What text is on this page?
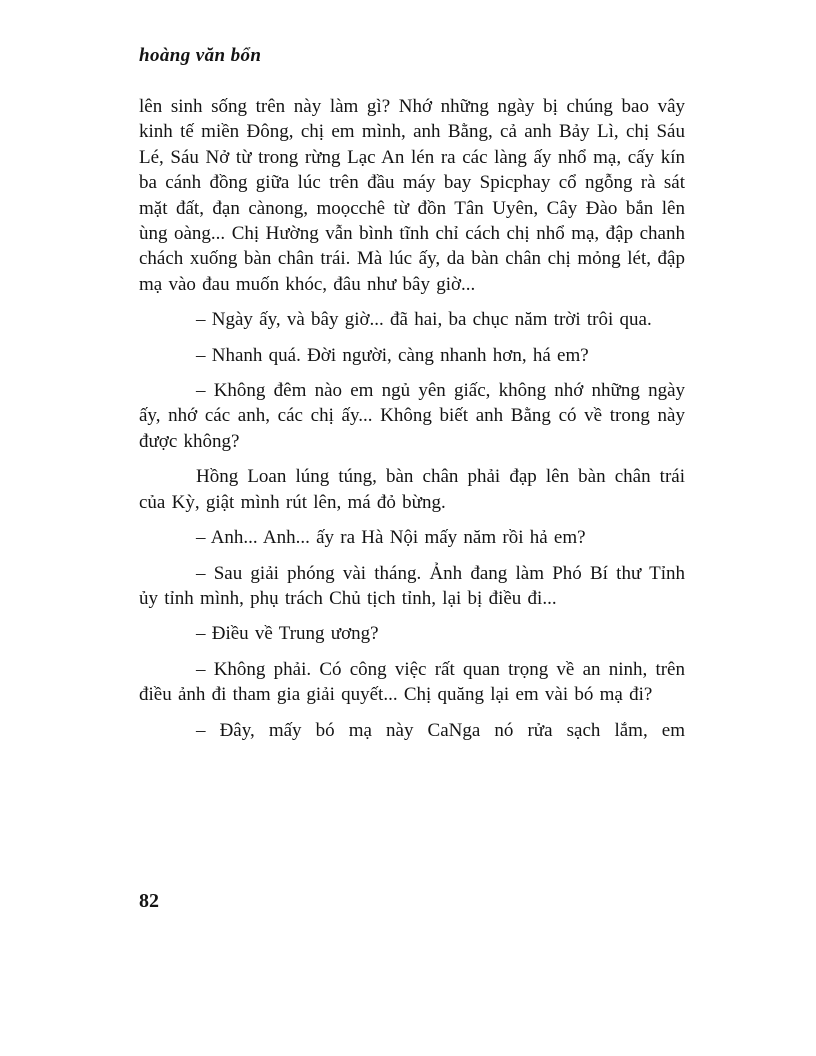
hoàng văn bổn

lên sinh sống trên này làm gì? Nhớ những ngày bị chúng bao vây kinh tế miền Đông, chị em mình, anh Bằng, cả anh Bảy Lì, chị Sáu Lé, Sáu Nở từ trong rừng Lạc An lén ra các làng ấy nhổ mạ, cấy kín ba cánh đồng giữa lúc trên đầu máy bay Spicphay cổ ngỗng rà sát mặt đất, đạn cànong, moọcchê từ đồn Tân Uyên, Cây Đào bắn lên ùng oàng... Chị Hường vẫn bình tĩnh chỉ cách chị nhổ mạ, đập chanh chách xuống bàn chân trái. Mà lúc ấy, da bàn chân chị mỏng lét, đập mạ vào đau muốn khóc, đâu như bây giờ...

– Ngày ấy, và bây giờ... đã hai, ba chục năm trời trôi qua.

– Nhanh quá. Đời người, càng nhanh hơn, há em?

– Không đêm nào em ngủ yên giấc, không nhớ những ngày ấy, nhớ các anh, các chị ấy... Không biết anh Bằng có về trong này được không?

Hồng Loan lúng túng, bàn chân phải đạp lên bàn chân trái của Kỳ, giật mình rút lên, má đỏ bừng.

– Anh... Anh... ấy ra Hà Nội mấy năm rồi hả em?

– Sau giải phóng vài tháng. Ảnh đang làm Phó Bí thư Tỉnh ủy tỉnh mình, phụ trách Chủ tịch tỉnh, lại bị điều đi...

– Điều về Trung ương?

– Không phải. Có công việc rất quan trọng về an ninh, trên điều ảnh đi tham gia giải quyết... Chị quăng lại em vài bó mạ đi?

– Đây, mấy bó mạ này CaNga nó rửa sạch lắm, em

82
